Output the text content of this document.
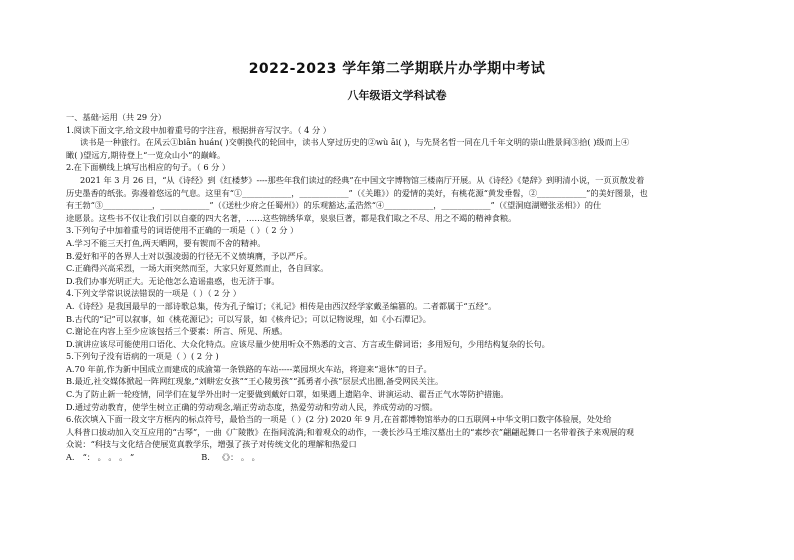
2022-2023 学年第二学期联片办学期中考试
八年级语文学科试卷
一、基础·运用（共 29 分）
1.阅读下面文字,给文段中加着重号的字注音，根据拼音写汉字。（ 4 分 ）
读书是一种旅行。在风云①biān huán( )交朝换代的轮回中，读书人穿过历史的②wù āi( )，与先贤名哲一同在几千年文明的崇山胜景间③拾( )级而上④
瞰( )望远方,期待登上“一览众山小”的巅峰。
2.在下面横线上填写出相应的句子。（ 6 分 ）
2021 年 3 月 26 日，“从《诗经》到《红楼梦》----那些年我们读过的经典”在中国文字博物馆三楼南厅开展。从《诗经》《楚辞》到明清小说，一页页散发着
历史墨香的纸张。弥漫着悠远的气息。这里有“①____________，____________”（《关雎》）的爱情的美好，有桃花源“黄发垂髫，②____________”的美好图景，也
有王勃“③____________，____________”（《送杜少府之任蜀州》）的乐观豁达,孟浩然“④____________，____________”（《望洞庭湖赠张丞相》）的仕
途愿景。这些书不仅让我们引以自豪的四大名著，……这些锦绣华章，泉泉巨著，都是我们取之不尽、用之不竭的精神食粮。
3.下列句子中加着重号的词语使用不正确的一项是（ ）（ 2 分 ）
A.学习不能三天打鱼,两天晒网，要有锲而不舍的精神。
B.爱好和平的各界人士对以强凌弱的行径无不义愤填膺，予以严斥。
C.正确得兴高采烈，一场大雨突然而至，大家只好夏然而止，各自回家。
D.我们办事光明正大。无论他怎么造谣蛊惑，也无济于事。
4.下列文学常识说法错误的一项是（ ）（ 2 分 ）
A.《诗经》是我国最早的一部诗歌总集，传为孔子编订；《礼记》相传是由西汉经学家戴圣编篡的。二者都属于“五经”。
B.古代的“记”可以叙事，如《桃花源记》；可以写景，如《核舟记》；可以记物说理，如《小石潭记》。
C.谢论在内容上至少应该包括三个要素：所言、所见、所感。
D.演讲应该尽可能使用口语化、大众化特点。应该尽量少使用听众不熟悉的文言、方言或生僻词语；多用短句，少用结构复杂的长句。
5.下列句子没有语病的一项是（ ）( 2 分 )
A.70 年前,作为新中国成立而建成的成渝第一条铁路的车站-----菜园坝火车站，将迎来“退休”的日子。
B.最近,社交媒体掀起一阵网红现象,“刘畊宏女孩”“王心陵男孩”“孤勇者小孩”层层式出圈,备受网民关注。
C.为了防止新一轮疫情，同学们在复学外出时一定要做到戴好口罩，如果遇上遗陷伞、讲演运动、翟吾正气水等防护措施。
D.通过劳动教育，使学生树立正确的劳动观念,端正劳动态度，热爱劳动和劳动人民，养成劳动的习惯。
6.依次填入下面一段文字方框内的标点符号，最恰当的一项是（ ）(2 分) 2020 年 9 月,在首都博物馆举办的口五联网+中华文明口数字体验展，处处给
人科普口拔动加入交互应用的“古琴”，一曲《广陵散》在指间流淌;和着观众的动作，一袭长沙马王堆汉墓出土的“素纱衣”翩翩起舞口一名带着孩子来观展的观
众说：“科技与文化结合使展览真教学乐，增强了孩子对传统文化的理解和热爱口
A. “： 。 。 。 ”	B. 《》： 。 。
